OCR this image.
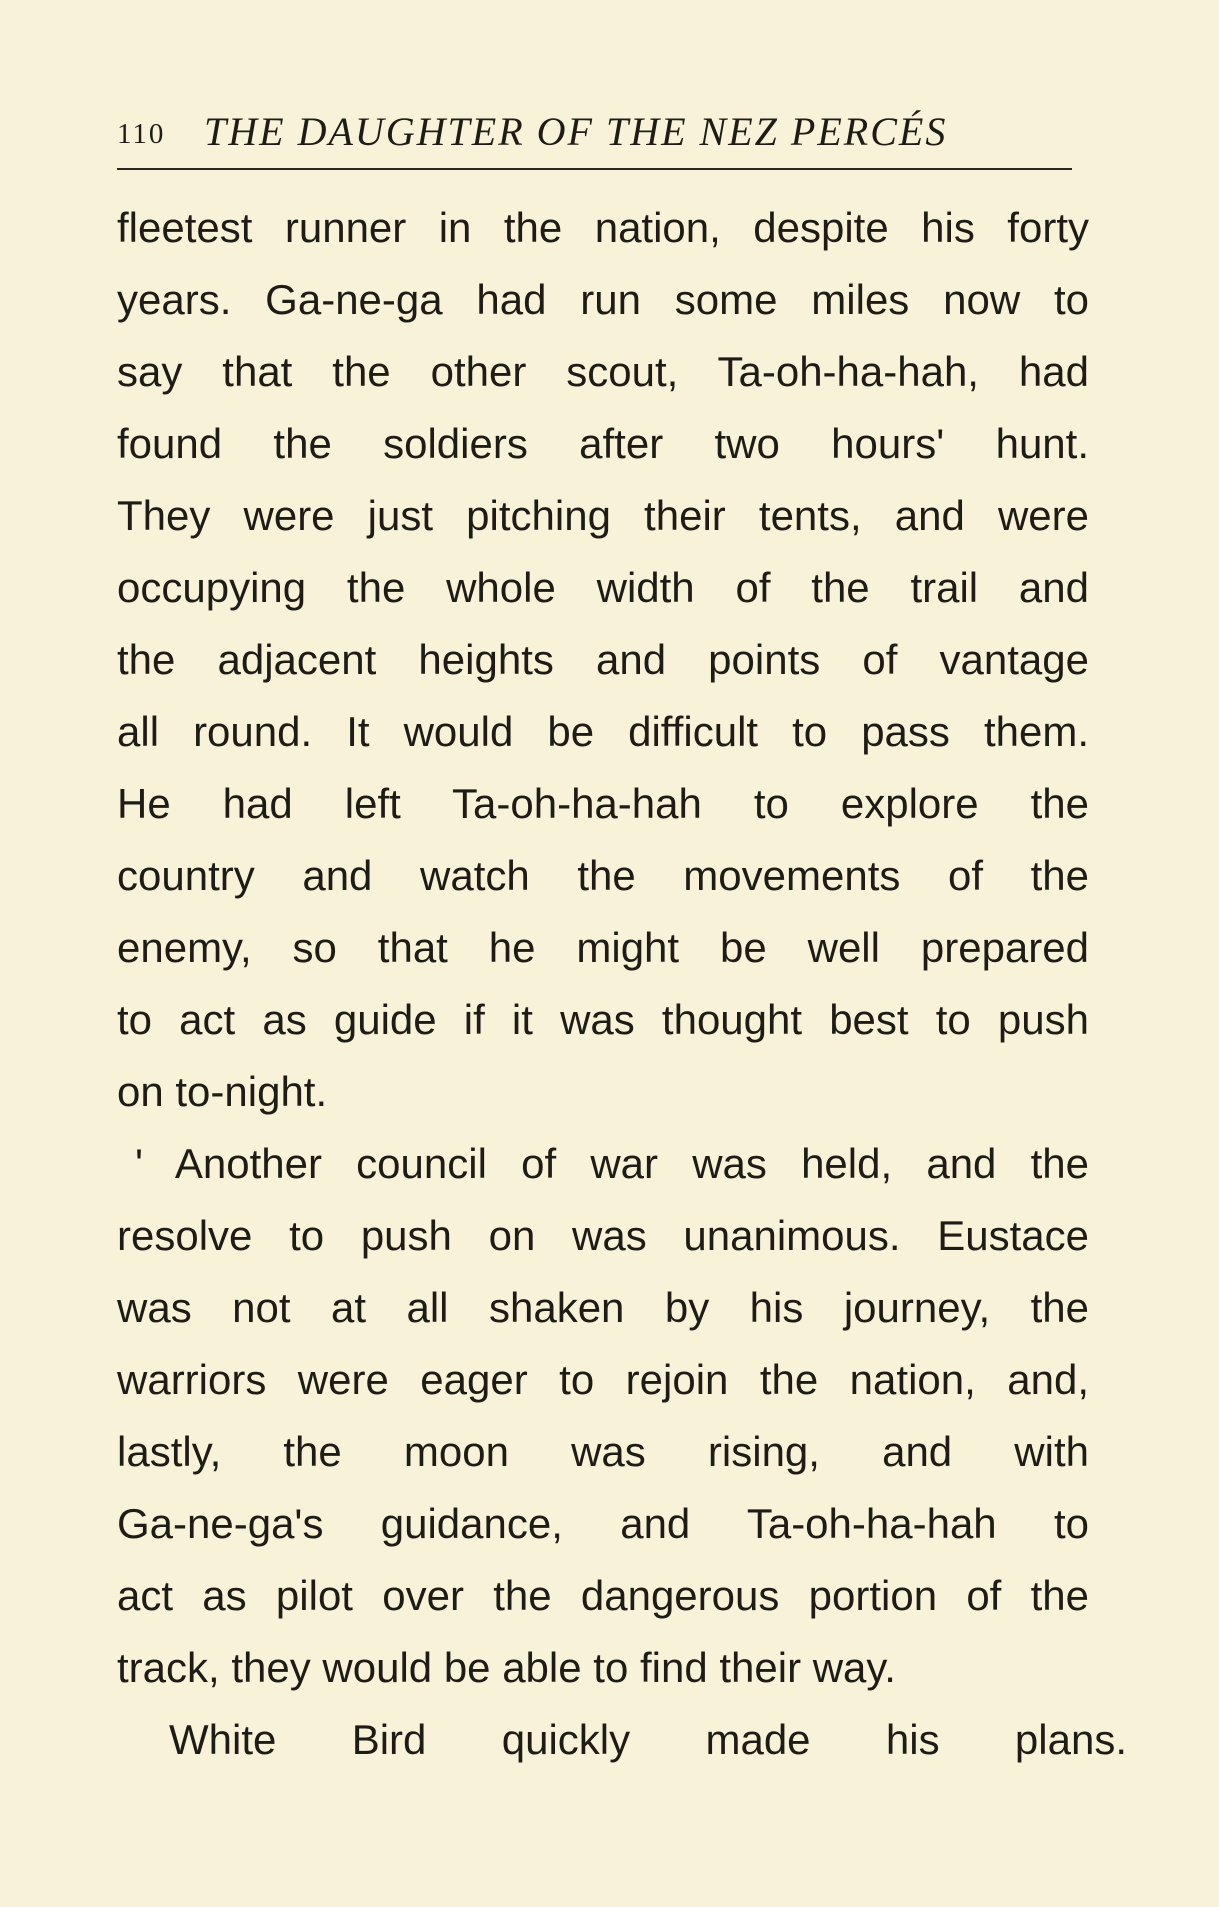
110 THE DAUGHTER OF THE NEZ PERCÉS
fleetest runner in the nation, despite his forty
years. Ga-ne-ga had run some miles now to
say that the other scout, Ta-oh-ha-hah, had
found the soldiers after two hours' hunt.
They were just pitching their tents, and were
occupying the whole width of the trail and
the adjacent heights and points of vantage
all round. It would be difficult to pass them.
He had left Ta-oh-ha-hah to explore the
country and watch the movements of the
enemy, so that he might be well prepared
to act as guide if it was thought best to push
on to-night.
' Another council of war was held, and the
resolve to push on was unanimous. Eustace
was not at all shaken by his journey, the
warriors were eager to rejoin the nation, and,
lastly, the moon was rising, and with
Ga-ne-ga's guidance, and Ta-oh-ha-hah to
act as pilot over the dangerous portion of the
track, they would be able to find their way.
White Bird quickly made his plans.
